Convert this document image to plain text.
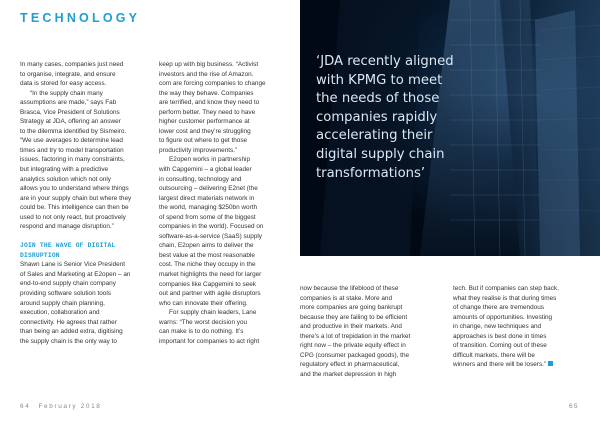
TECHNOLOGY

In many cases, companies just need

to organise, integrate, and ensure

data is stored for easy access.

“In the supply chain many

assumptions are made,” says Fab

Brasca, Vice President of Solutions

Strategy at JDA, offering an answer

to the dilemma identified by Sismeiro.

“We use averages to determine lead

times and try to model transportation

issues, factoring in many constraints,

but integrating with a predictive

analytics solution which not only

allows you to understand where things

are in your supply chain but where they

could be. This intelligence can then be

used to not only react, but proactively

respond and manage disruption.”

JOIN THE WAVE OF DIGITAL

DISRUPTION

Shawn Lane is Senior Vice President

of Sales and Marketing at E2open – an

end-to-end supply chain company

providing software solution tools

around supply chain planning,

execution, collaboration and

connectivity. He agrees that rather

than being an added extra, digitising

the supply chain is the only way to

keep up with big business. “Activist

investors and the rise of Amazon.

com are forcing companies to change

the way they behave. Companies

are terrified, and know they need to

perform better. They need to have

higher customer performance at

lower cost and they’re struggling

to figure out where to get those

productivity improvements.”

E2open works in partnership

with Capgemini – a global leader

in consulting, technology and

outsourcing – delivering E2net (the

largest direct materials network in

the world, managing $250bn worth

of spend from some of the biggest

companies in the world). Focused on

software-as-a-service (SaaS) supply

chain, E2open aims to deliver the

best value at the most reasonable

cost. The niche they occupy in the

market highlights the need for larger

companies like Capgemini to seek

out and partner with agile disruptors

who can innovate their offering.

For supply chain leaders, Lane

warns: “The worst decision you

can make is to do nothing. It’s

important for companies to act right

‘JDA recently aligned

with KPMG to meet

the needs of those

companies rapidly

accelerating their

digital supply chain

transformations’

now because the lifeblood of these

companies is at stake. More and

more companies are going bankrupt

because they are failing to be efficient

and productive in their markets. And

there’s a lot of trepidation in the market

right now – the private equity effect in

CPG (consumer packaged goods), the

regulatory effect in pharmaceutical,

and the market depression in high

tech. But if companies can step back,

what they realise is that during times

of change there are tremendous

amounts of opportunities. Investing

in change, new techniques and

approaches is best done in times

of transition. Coming out of these

difficult markets, there will be

winners and there will be losers.”

64 February 2018	65
